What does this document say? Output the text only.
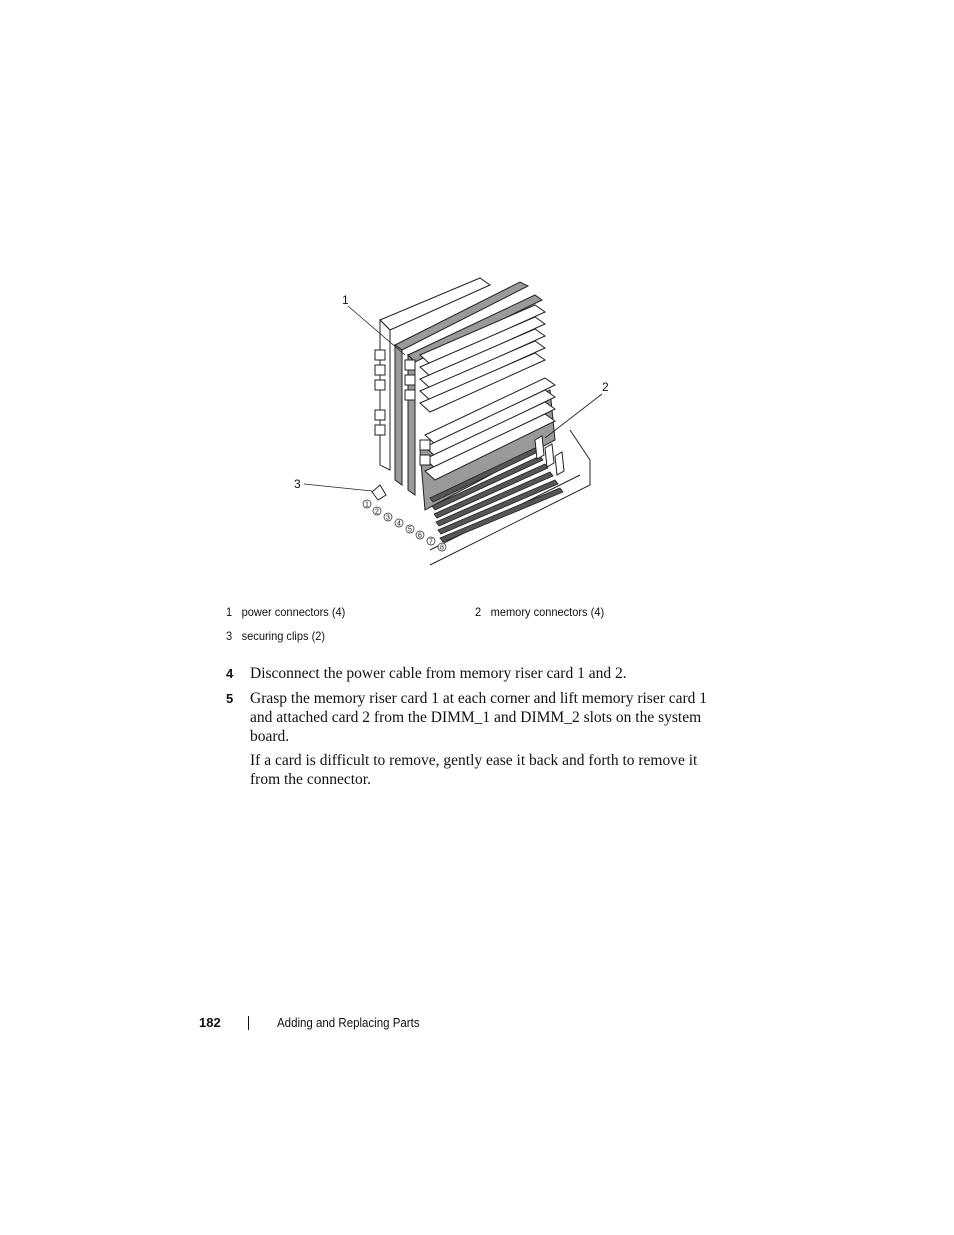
1
2
3
4
5
6
7
8
1
2
3
1 power connectors (4)	2 memory connectors (4)
3 securing clips (2)
4 Disconnect the power cable from memory riser card 1 and 2.
5 Grasp the memory riser card 1 at each corner and lift memory riser card 1 and attached card 2 from the DIMM_1 and DIMM_2 slots on the system board.
If a card is difficult to remove, gently ease it back and forth to remove it from the connector.
182	Adding and Replacing Parts
